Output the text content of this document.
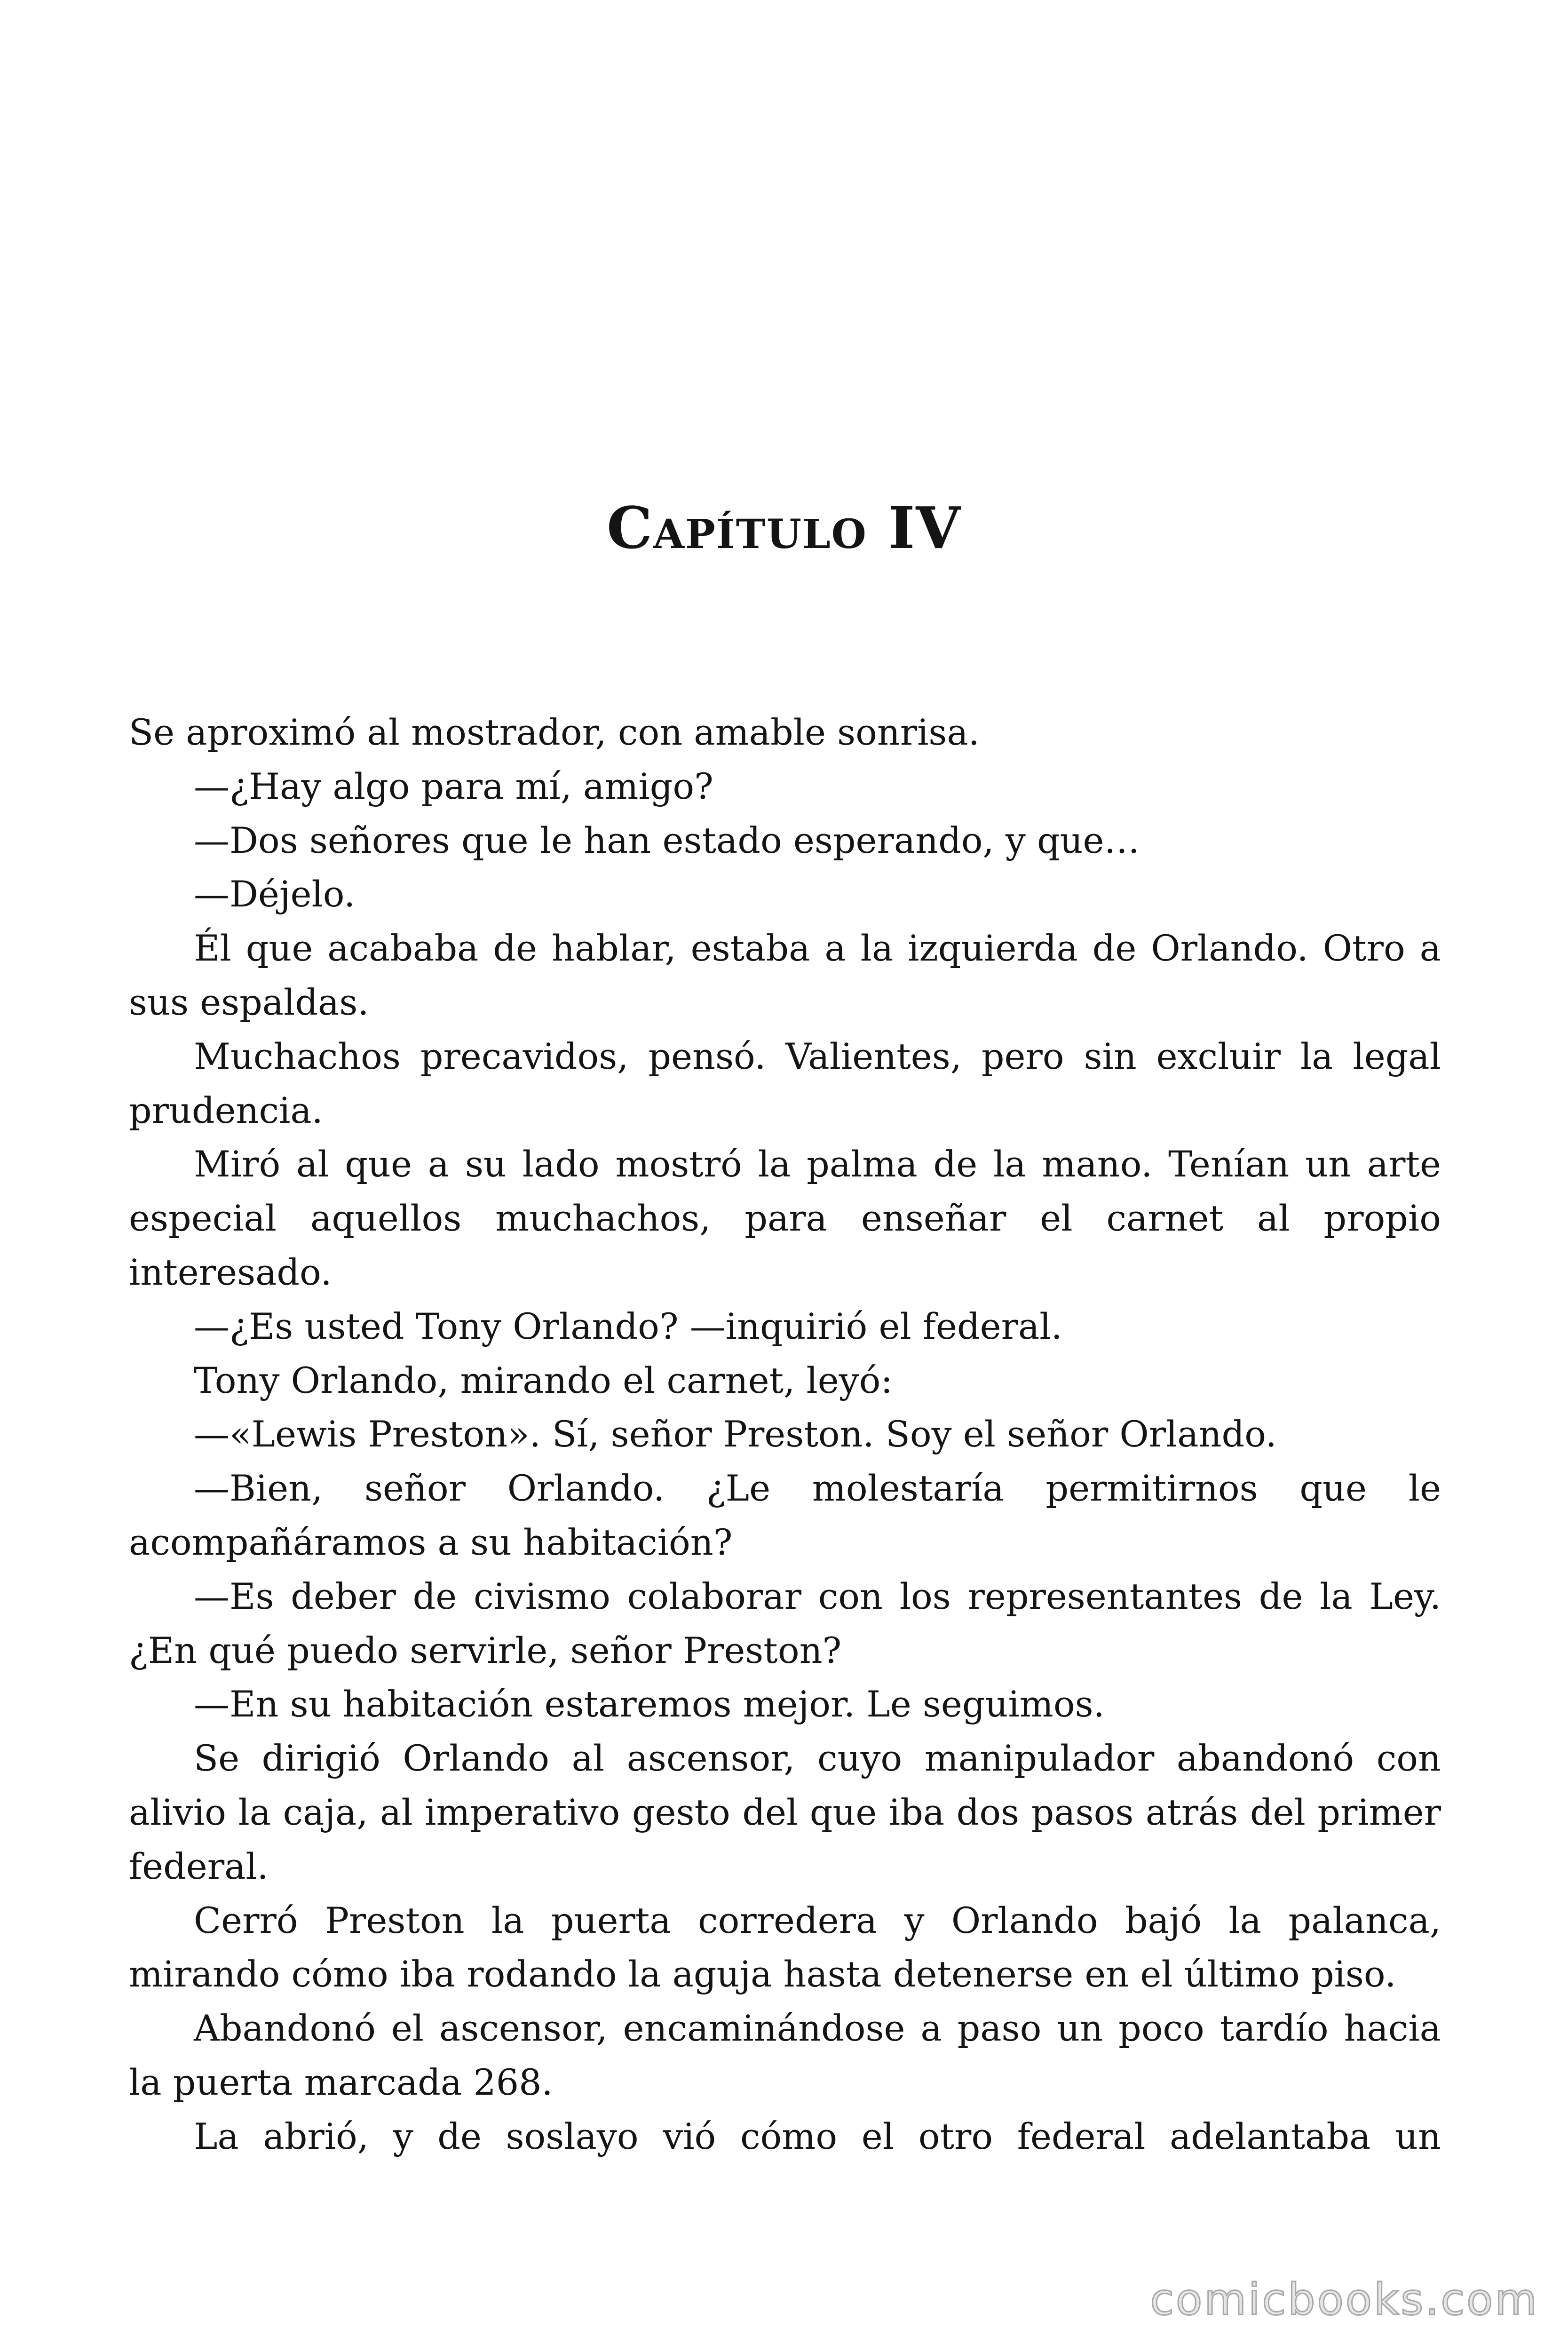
Capítulo IV

Se aproximó al mostrador, con amable sonrisa.

—¿Hay algo para mí, amigo?

—Dos señores que le han estado esperando, y que…

—Déjelo.

Él que acababa de hablar, estaba a la izquierda de Orlando. Otro a sus espaldas.

Muchachos precavidos, pensó. Valientes, pero sin excluir la legal prudencia.

Miró al que a su lado mostró la palma de la mano. Tenían un arte especial aquellos muchachos, para enseñar el carnet al propio interesado.

—¿Es usted Tony Orlando? —inquirió el federal.

Tony Orlando, mirando el carnet, leyó:

—«Lewis Preston». Sí, señor Preston. Soy el señor Orlando.

—Bien, señor Orlando. ¿Le molestaría permitirnos que le acompañáramos a su habitación?

—Es deber de civismo colaborar con los representantes de la Ley. ¿En qué puedo servirle, señor Preston?

—En su habitación estaremos mejor. Le seguimos.

Se dirigió Orlando al ascensor, cuyo manipulador abandonó con alivio la caja, al imperativo gesto del que iba dos pasos atrás del primer federal.

Cerró Preston la puerta corredera y Orlando bajó la palanca, mirando cómo iba rodando la aguja hasta detenerse en el último piso.

Abandonó el ascensor, encaminándose a paso un poco tardío hacia la puerta marcada 268.

La abrió, y de soslayo vió cómo el otro federal adelantaba un

comicbooks.com
